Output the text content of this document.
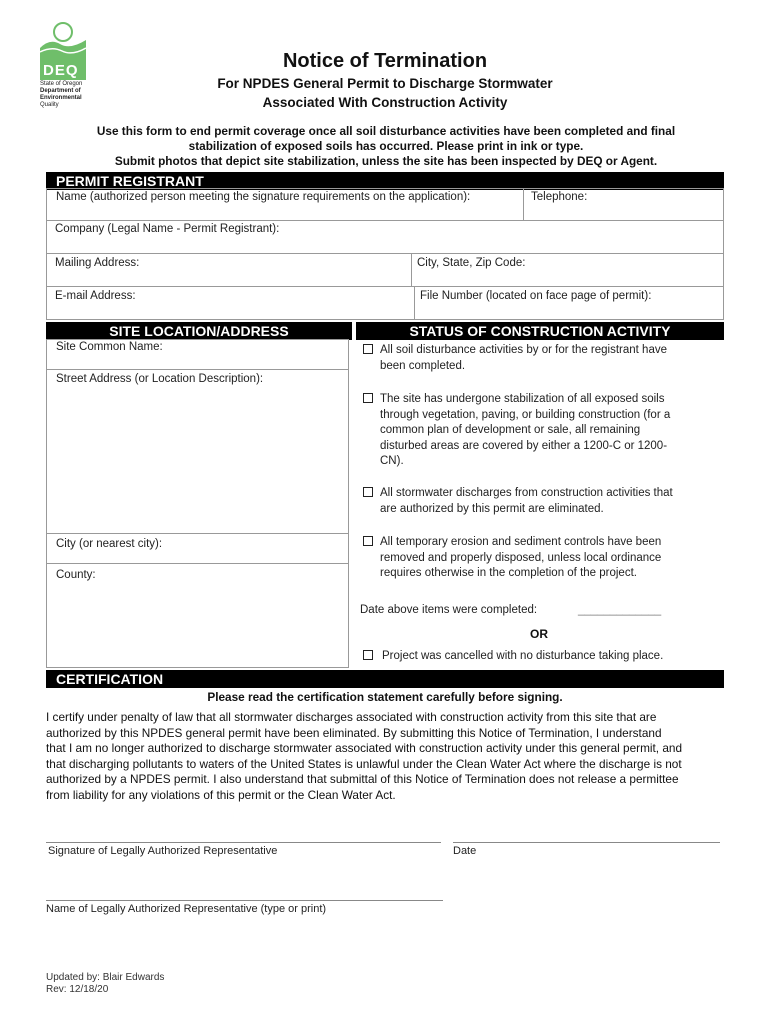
DEQ
State of Oregon
Department of
Environmental
Quality
Notice of Termination
For NPDES General Permit to Discharge Stormwater
Associated With Construction Activity
Use this form to end permit coverage once all soil disturbance activities have been completed and final
stabilization of exposed soils has occurred. Please print in ink or type.
Submit photos that depict site stabilization, unless the site has been inspected by DEQ or Agent.
PERMIT REGISTRANT
Name (authorized person meeting the signature requirements on the application):	Telephone:
Company (Legal Name - Permit Registrant):
Mailing Address:	City, State, Zip Code:
E-mail Address:	File Number (located on face page of permit):
SITE LOCATION/ADDRESS	STATUS OF CONSTRUCTION ACTIVITY
Site Common Name:
Street Address (or Location Description):
City (or nearest city):
County:
All soil disturbance activities by or for the registrant have
been completed.
The site has undergone stabilization of all exposed soils
through vegetation, paving, or building construction (for a
common plan of development or sale, all remaining
disturbed areas are covered by either a 1200-C or 1200-
CN).
All stormwater discharges from construction activities that
are authorized by this permit are eliminated.
All temporary erosion and sediment controls have been
removed and properly disposed, unless local ordinance
requires otherwise in the completion of the project.
Date above items were completed:	_____________
OR
Project was cancelled with no disturbance taking place.
CERTIFICATION
Please read the certification statement carefully before signing.
I certify under penalty of law that all stormwater discharges associated with construction activity from this site that are
authorized by this NPDES general permit have been eliminated. By submitting this Notice of Termination, I understand
that I am no longer authorized to discharge stormwater associated with construction activity under this general permit, and
that discharging pollutants to waters of the United States is unlawful under the Clean Water Act where the discharge is not
authorized by a NPDES permit. I also understand that submittal of this Notice of Termination does not release a permittee
from liability for any violations of this permit or the Clean Water Act.
Signature of Legally Authorized Representative	Date
Name of Legally Authorized Representative (type or print)
Updated by: Blair Edwards
Rev: 12/18/20
